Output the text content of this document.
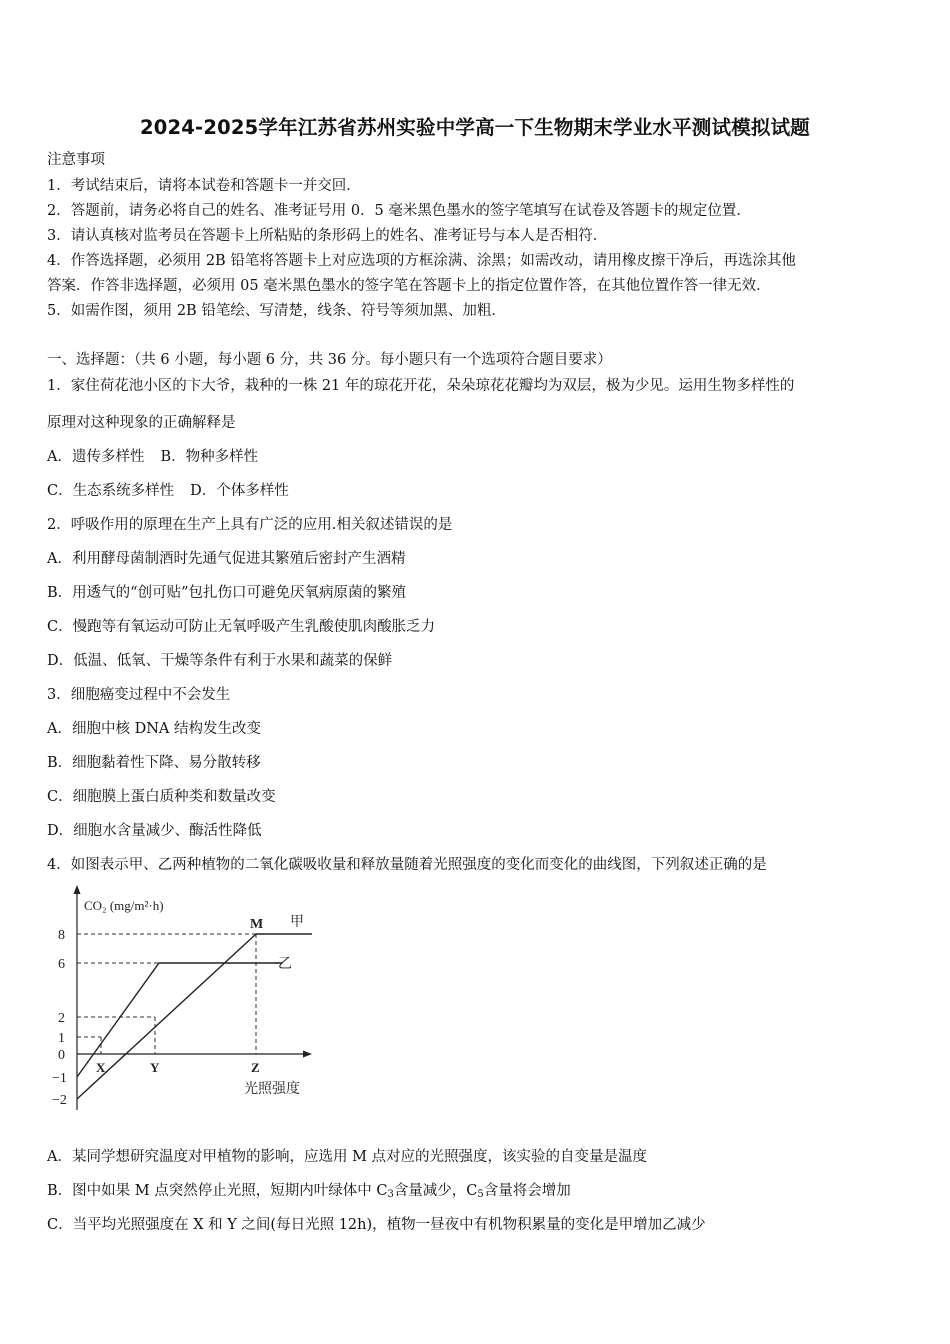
2024-2025学年江苏省苏州实验中学高一下生物期末学业水平测试模拟试题
注意事项
1．考试结束后，请将本试卷和答题卡一并交回．
2．答题前，请务必将自己的姓名、准考证号用 0．5 毫米黑色墨水的签字笔填写在试卷及答题卡的规定位置．
3．请认真核对监考员在答题卡上所粘贴的条形码上的姓名、准考证号与本人是否相符．
4．作答选择题，必须用 2B 铅笔将答题卡上对应选项的方框涂满、涂黑；如需改动，请用橡皮擦干净后，再选涂其他
答案．作答非选择题，必须用 05 毫米黑色墨水的签字笔在答题卡上的指定位置作答，在其他位置作答一律无效．
5．如需作图，须用 2B 铅笔绘、写清楚，线条、符号等须加黑、加粗．
一、选择题：（共 6 小题，每小题 6 分，共 36 分。每小题只有一个选项符合题目要求）
1．家住荷花池小区的卞大爷，栽种的一株 21 年的琼花开花，朵朵琼花花瓣均为双层，极为少见。运用生物多样性的
原理对这种现象的正确解释是
A．遗传多样性 B．物种多样性
C．生态系统多样性 D．个体多样性
2．呼吸作用的原理在生产上具有广泛的应用.相关叙述错误的是
A．利用酵母菌制酒时先通气促进其繁殖后密封产生酒精
B．用透气的“创可贴”包扎伤口可避免厌氧病原菌的繁殖
C．慢跑等有氧运动可防止无氧呼吸产生乳酸使肌肉酸胀乏力
D．低温、低氧、干燥等条件有利于水果和蔬菜的保鲜
3．细胞癌变过程中不会发生
A．细胞中核 DNA 结构发生改变
B．细胞黏着性下降、易分散转移
C．细胞膜上蛋白质种类和数量改变
D．细胞水含量减少、酶活性降低
4．如图表示甲、乙两种植物的二氧化碳吸收量和释放量随着光照强度的变化而变化的曲线图，下列叙述正确的是
CO₂ (mg/m²·h)
光照强度
8
6
2
1
0
−1
−2
X	Y	Z
M 甲
乙
A．某同学想研究温度对甲植物的影响，应选用 M 点对应的光照强度，该实验的自变量是温度
B．图中如果 M 点突然停止光照，短期内叶绿体中 $C_3$含量减少，$C_5$含量将会增加
C．当平均光照强度在 X 和 Y 之间(每日光照 12h)，植物一昼夜中有机物积累量的变化是甲增加乙减少
